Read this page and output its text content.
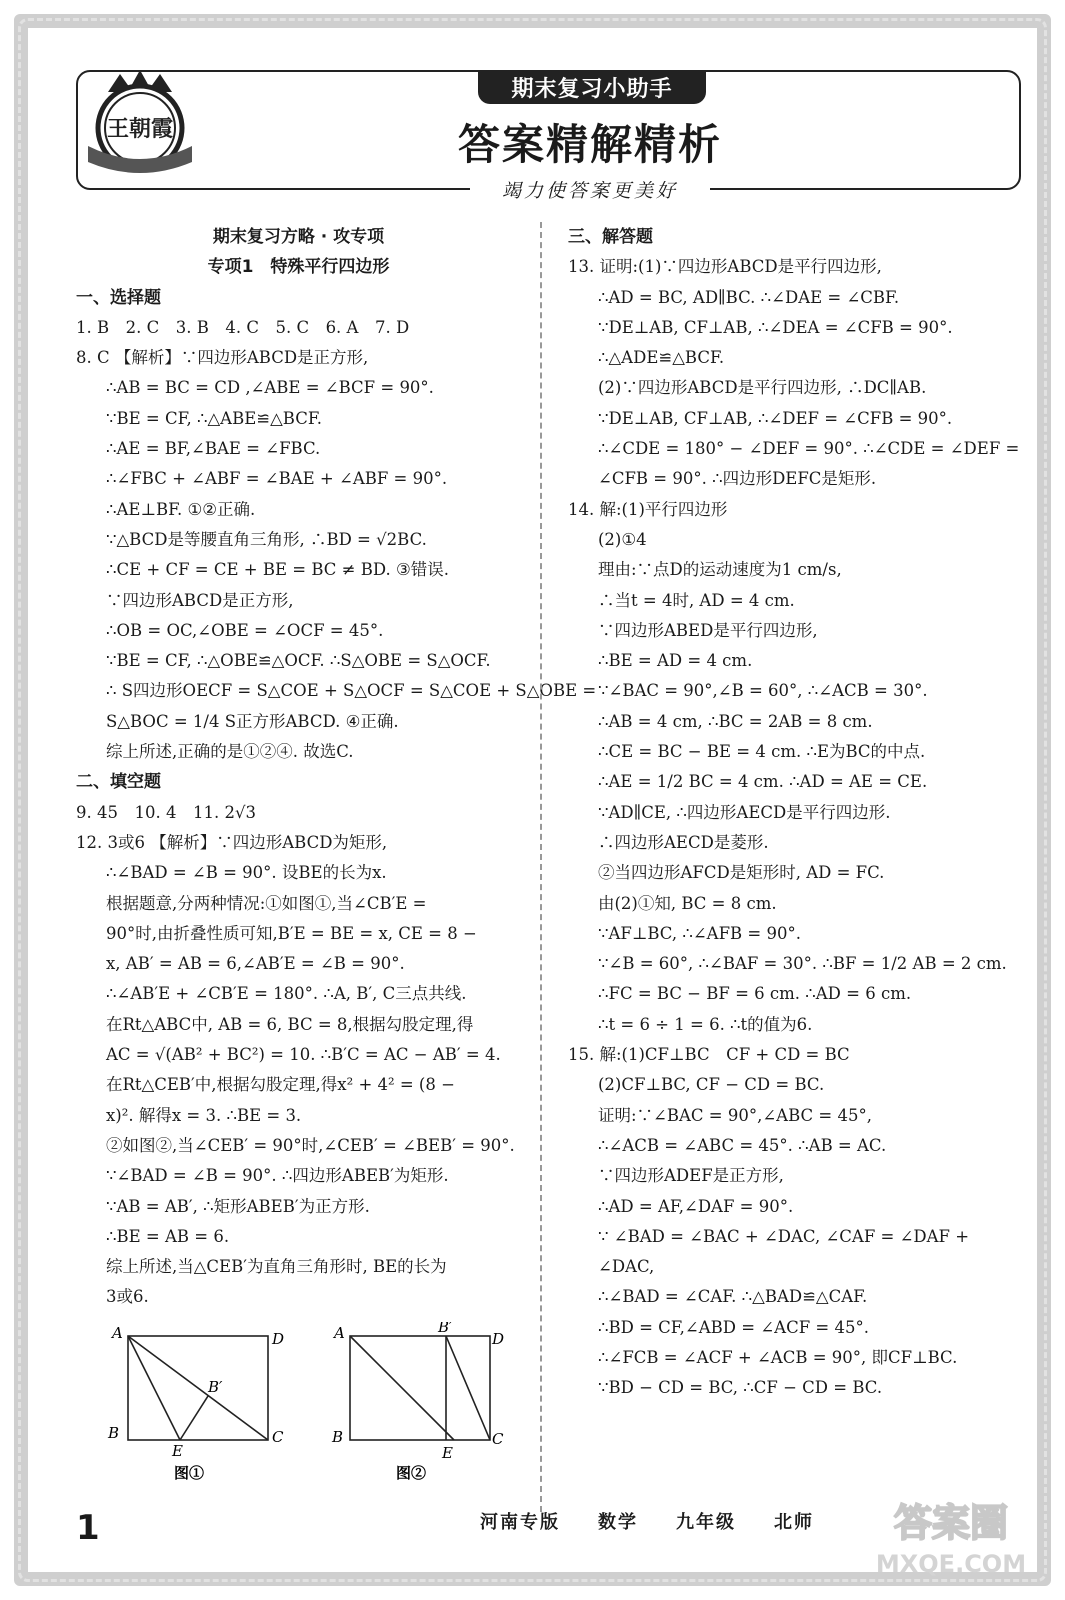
王朝霞
期末复习小助手
答案精解精析
竭力使答案更美好
期末复习方略 · 攻专项
专项1　特殊平行四边形
一、选择题
1. B　2. C　3. B　4. C　5. C　6. A　7. D
8. C 【解析】∵四边形ABCD是正方形,
∴AB = BC = CD ,∠ABE = ∠BCF = 90°.
∵BE = CF, ∴△ABE≌△BCF.
∴AE = BF,∠BAE = ∠FBC.
∴∠FBC + ∠ABF = ∠BAE + ∠ABF = 90°.
∴AE⊥BF. ①②正确.
∵△BCD是等腰直角三角形, ∴BD = √2BC.
∴CE + CF = CE + BE = BC ≠ BD. ③错误.
∵四边形ABCD是正方形,
∴OB = OC,∠OBE = ∠OCF = 45°.
∵BE = CF, ∴△OBE≌△OCF. ∴S△OBE = S△OCF.
∴ S四边形OECF = S△COE + S△OCF = S△COE + S△OBE =
S△BOC = 1/4 S正方形ABCD. ④正确.
综上所述,正确的是①②④. 故选C.
二、填空题
9. 45　10. 4　11. 2√3
12. 3或6 【解析】∵四边形ABCD为矩形,
∴∠BAD = ∠B = 90°. 设BE的长为x.
根据题意,分两种情况:①如图①,当∠CB′E =
90°时,由折叠性质可知,B′E = BE = x, CE = 8 −
x, AB′ = AB = 6,∠AB′E = ∠B = 90°.
∴∠AB′E + ∠CB′E = 180°. ∴A, B′, C三点共线.
在Rt△ABC中, AB = 6, BC = 8,根据勾股定理,得
AC = √(AB² + BC²) = 10. ∴B′C = AC − AB′ = 4.
在Rt△CEB′中,根据勾股定理,得x² + 4² = (8 −
x)². 解得x = 3. ∴BE = 3.
②如图②,当∠CEB′ = 90°时,∠CEB′ = ∠BEB′ = 90°.
∵∠BAD = ∠B = 90°. ∴四边形ABEB′为矩形.
∵AB = AB′, ∴矩形ABEB′为正方形.
∴BE = AB = 6.
综上所述,当△CEB′为直角三角形时, BE的长为
3或6.
三、解答题
13. 证明:(1)∵四边形ABCD是平行四边形,
∴AD = BC, AD∥BC. ∴∠DAE = ∠CBF.
∵DE⊥AB, CF⊥AB, ∴∠DEA = ∠CFB = 90°.
∴△ADE≌△BCF.
(2)∵四边形ABCD是平行四边形, ∴DC∥AB.
∵DE⊥AB, CF⊥AB, ∴∠DEF = ∠CFB = 90°.
∴∠CDE = 180° − ∠DEF = 90°. ∴∠CDE = ∠DEF =
∠CFB = 90°. ∴四边形DEFC是矩形.
14. 解:(1)平行四边形
(2)①4
理由:∵点D的运动速度为1 cm/s,
∴当t = 4时, AD = 4 cm.
∵四边形ABED是平行四边形,
∴BE = AD = 4 cm.
∵∠BAC = 90°,∠B = 60°, ∴∠ACB = 30°.
∴AB = 4 cm, ∴BC = 2AB = 8 cm.
∴CE = BC − BE = 4 cm. ∴E为BC的中点.
∴AE = 1/2 BC = 4 cm. ∴AD = AE = CE.
∵AD∥CE, ∴四边形AECD是平行四边形.
∴四边形AECD是菱形.
②当四边形AFCD是矩形时, AD = FC.
由(2)①知, BC = 8 cm.
∵AF⊥BC, ∴∠AFB = 90°.
∵∠B = 60°, ∴∠BAF = 30°. ∴BF = 1/2 AB = 2 cm.
∴FC = BC − BF = 6 cm. ∴AD = 6 cm.
∴t = 6 ÷ 1 = 6. ∴t的值为6.
15. 解:(1)CF⊥BC　CF + CD = BC
(2)CF⊥BC, CF − CD = BC.
证明:∵∠BAC = 90°,∠ABC = 45°,
∴∠ACB = ∠ABC = 45°. ∴AB = AC.
∵四边形ADEF是正方形,
∴AD = AF,∠DAF = 90°.
∵ ∠BAD = ∠BAC + ∠DAC, ∠CAF = ∠DAF +
∠DAC,
∴∠BAD = ∠CAF. ∴△BAD≌△CAF.
∴BD = CF,∠ABD = ∠ACF = 45°.
∴∠FCB = ∠ACF + ∠ACB = 90°, 即CF⊥BC.
∵BD − CD = BC, ∴CF − CD = BC.
A	D
B	C
E
B′
图①
A	B′
D
B	C
E
图②
1	河南专版 数学 九年级 北师 答案圈
MXQE.COM
